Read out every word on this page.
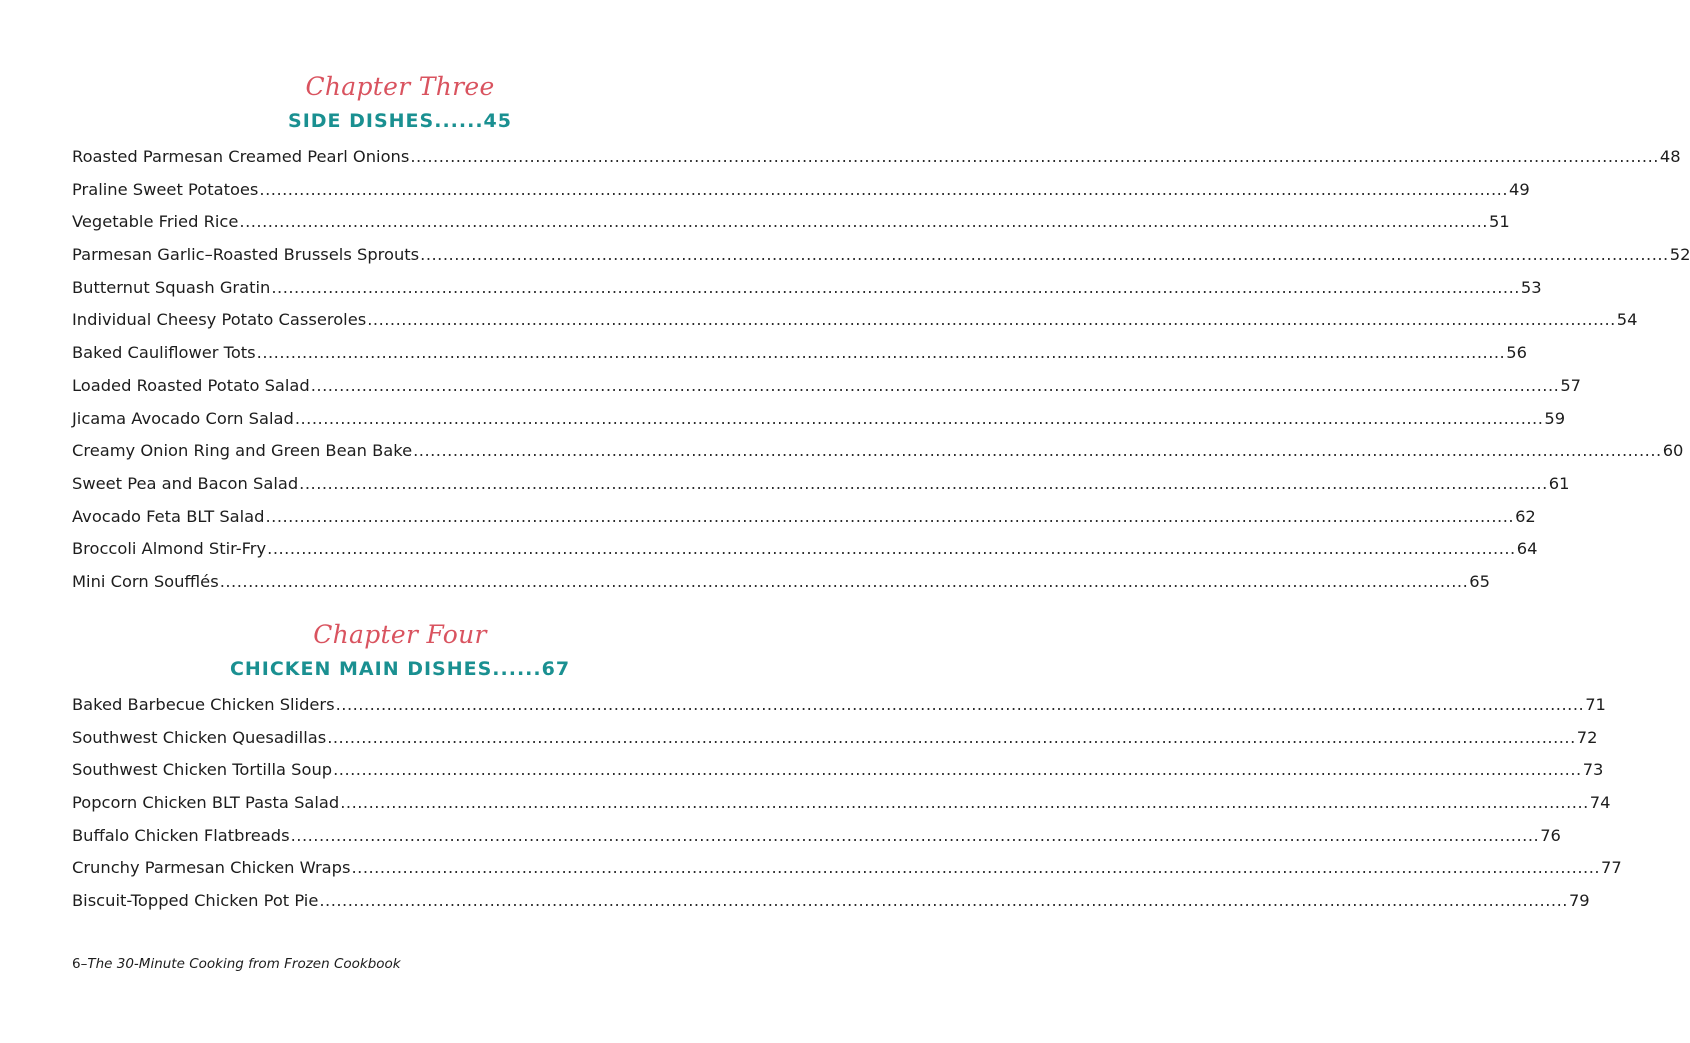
Chapter Three
SIDE DISHES......45
Roasted Parmesan Creamed Pearl Onions ............................................................................................................................................................................................................................ 48
Praline Sweet Potatoes ............................................................................................................................................................................................................................ 49
Vegetable Fried Rice ............................................................................................................................................................................................................................ 51
Parmesan Garlic–Roasted Brussels Sprouts ............................................................................................................................................................................................................................ 52
Butternut Squash Gratin ............................................................................................................................................................................................................................ 53
Individual Cheesy Potato Casseroles ............................................................................................................................................................................................................................ 54
Baked Cauliflower Tots ............................................................................................................................................................................................................................ 56
Loaded Roasted Potato Salad ............................................................................................................................................................................................................................ 57
Jicama Avocado Corn Salad ............................................................................................................................................................................................................................ 59
Creamy Onion Ring and Green Bean Bake ............................................................................................................................................................................................................................ 60
Sweet Pea and Bacon Salad ............................................................................................................................................................................................................................ 61
Avocado Feta BLT Salad ............................................................................................................................................................................................................................ 62
Broccoli Almond Stir-Fry ............................................................................................................................................................................................................................ 64
Mini Corn Soufflés ............................................................................................................................................................................................................................ 65
Chapter Four
CHICKEN MAIN DISHES......67
Baked Barbecue Chicken Sliders ............................................................................................................................................................................................................................ 71
Southwest Chicken Quesadillas ............................................................................................................................................................................................................................ 72
Southwest Chicken Tortilla Soup ............................................................................................................................................................................................................................ 73
Popcorn Chicken BLT Pasta Salad ............................................................................................................................................................................................................................ 74
Buffalo Chicken Flatbreads ............................................................................................................................................................................................................................ 76
Crunchy Parmesan Chicken Wraps ............................................................................................................................................................................................................................ 77
Biscuit-Topped Chicken Pot Pie ............................................................................................................................................................................................................................ 79
6–The 30-Minute Cooking from Frozen Cookbook
